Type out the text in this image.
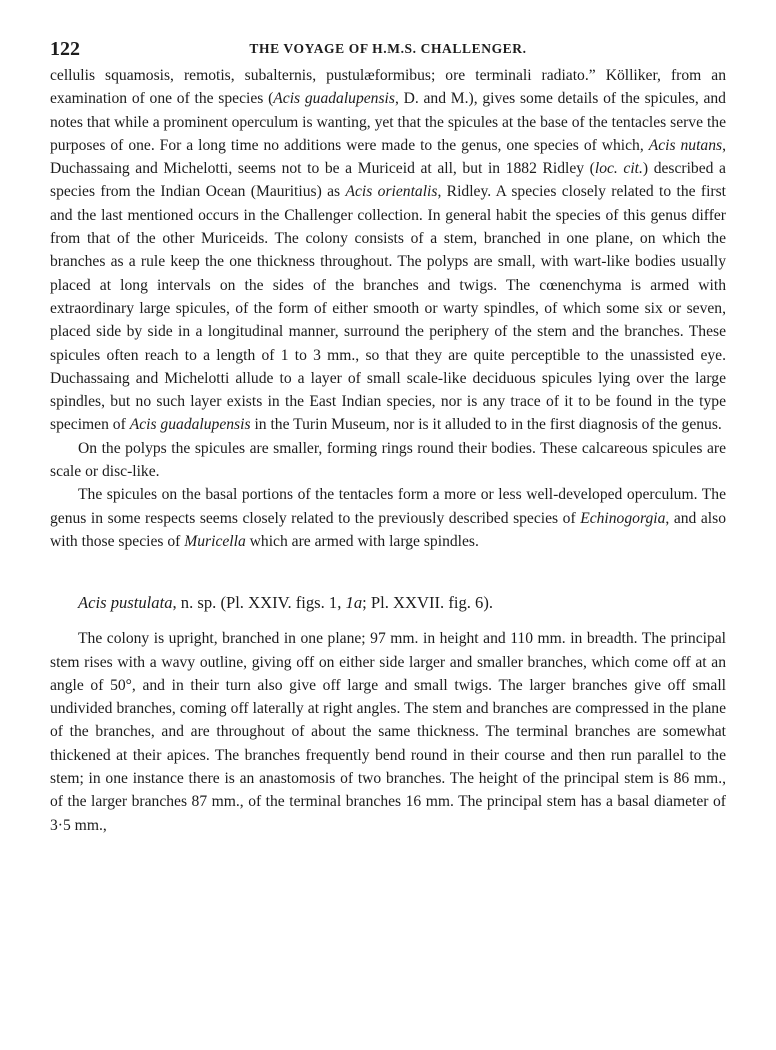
122	THE VOYAGE OF H.M.S. CHALLENGER.

cellulis squamosis, remotis, subalternis, pustulæformibus; ore terminali radiato.” Kölliker, from an examination of one of the species (Acis guadalupensis, D. and M.), gives some details of the spicules, and notes that while a prominent operculum is wanting, yet that the spicules at the base of the tentacles serve the purposes of one. For a long time no additions were made to the genus, one species of which, Acis nutans, Duchassaing and Michelotti, seems not to be a Muriceid at all, but in 1882 Ridley (loc. cit.) described a species from the Indian Ocean (Mauritius) as Acis orientalis, Ridley. A species closely related to the first and the last mentioned occurs in the Challenger collection. In general habit the species of this genus differ from that of the other Muriceids. The colony consists of a stem, branched in one plane, on which the branches as a rule keep the one thickness throughout. The polyps are small, with wart-like bodies usually placed at long intervals on the sides of the branches and twigs. The cœnenchyma is armed with extraordinary large spicules, of the form of either smooth or warty spindles, of which some six or seven, placed side by side in a longitudinal manner, surround the periphery of the stem and the branches. These spicules often reach to a length of 1 to 3 mm., so that they are quite perceptible to the unassisted eye. Duchassaing and Michelotti allude to a layer of small scale-like deciduous spicules lying over the large spindles, but no such layer exists in the East Indian species, nor is any trace of it to be found in the type specimen of Acis guadalupensis in the Turin Museum, nor is it alluded to in the first diagnosis of the genus.

On the polyps the spicules are smaller, forming rings round their bodies. These calcareous spicules are scale or disc-like.

The spicules on the basal portions of the tentacles form a more or less well-developed operculum. The genus in some respects seems closely related to the previously described species of Echinogorgia, and also with those species of Muricella which are armed with large spindles.

Acis pustulata, n. sp. (Pl. XXIV. figs. 1, 1a; Pl. XXVII. fig. 6).

The colony is upright, branched in one plane; 97 mm. in height and 110 mm. in breadth. The principal stem rises with a wavy outline, giving off on either side larger and smaller branches, which come off at an angle of 50°, and in their turn also give off large and small twigs. The larger branches give off small undivided branches, coming off laterally at right angles. The stem and branches are compressed in the plane of the branches, and are throughout of about the same thickness. The terminal branches are somewhat thickened at their apices. The branches frequently bend round in their course and then run parallel to the stem; in one instance there is an anastomosis of two branches. The height of the principal stem is 86 mm., of the larger branches 87 mm., of the terminal branches 16 mm. The principal stem has a basal diameter of 3·5 mm.,
